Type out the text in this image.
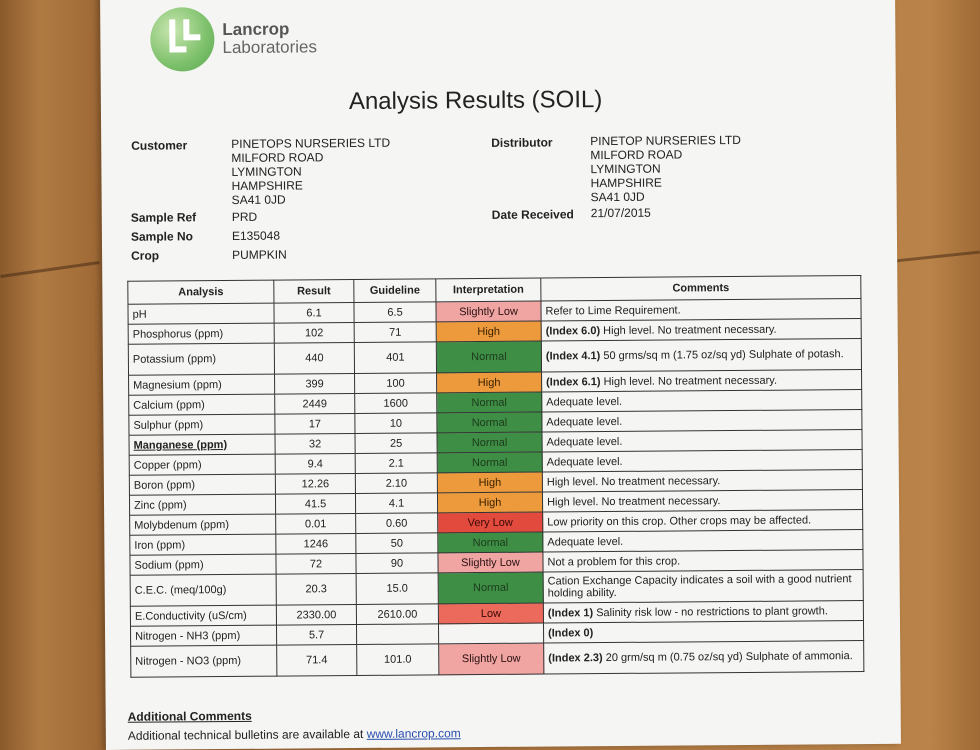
Lancrop
Laboratories
Analysis Results (SOIL)
Customer	PINETOPS NURSERIES LTD
MILFORD ROAD
LYMINGTON
HAMPSHIRE
SA41 0JD
Distributor	PINETOP NURSERIES LTD
MILFORD ROAD
LYMINGTON
HAMPSHIRE
SA41 0JD
Sample Ref	PRD
Sample No	E135048
Crop	PUMPKIN
Date Received 21/07/2015
Analysis	Result	Guideline	Interpretation	Comments
pH	6.1	6.5	Slightly Low	Refer to Lime Requirement.
Phosphorus (ppm)	102	71	High	(Index 6.0) High level. No treatment necessary.
Potassium (ppm)	440	401	Normal	(Index 4.1) 50 grms/sq m (1.75 oz/sq yd) Sulphate of potash.
Magnesium (ppm)	399	100	High	(Index 6.1) High level. No treatment necessary.
Calcium (ppm)	2449	1600	Normal	Adequate level.
Sulphur (ppm)	17	10	Normal	Adequate level.
Manganese (ppm)	32	25	Normal	Adequate level.
Copper (ppm)	9.4	2.1	Normal	Adequate level.
Boron (ppm)	12.26	2.10	High	High level. No treatment necessary.
Zinc (ppm)	41.5	4.1	High	High level. No treatment necessary.
Molybdenum (ppm)	0.01	0.60	Very Low	Low priority on this crop. Other crops may be affected.
Iron (ppm)	1246	50	Normal	Adequate level.
Sodium (ppm)	72	90	Slightly Low	Not a problem for this crop.
C.E.C. (meq/100g)	20.3	15.0	Normal	Cation Exchange Capacity indicates a soil with a good nutrient holding ability.
E.Conductivity (uS/cm)	2330.00	2610.00	Low	(Index 1) Salinity risk low - no restrictions to plant growth.
Nitrogen - NH3 (ppm)	5.7			(Index 0)
Nitrogen - NO3 (ppm)	71.4	101.0	Slightly Low	(Index 2.3) 20 grm/sq m (0.75 oz/sq yd) Sulphate of ammonia.
Additional Comments
Additional technical bulletins are available at www.lancrop.com
